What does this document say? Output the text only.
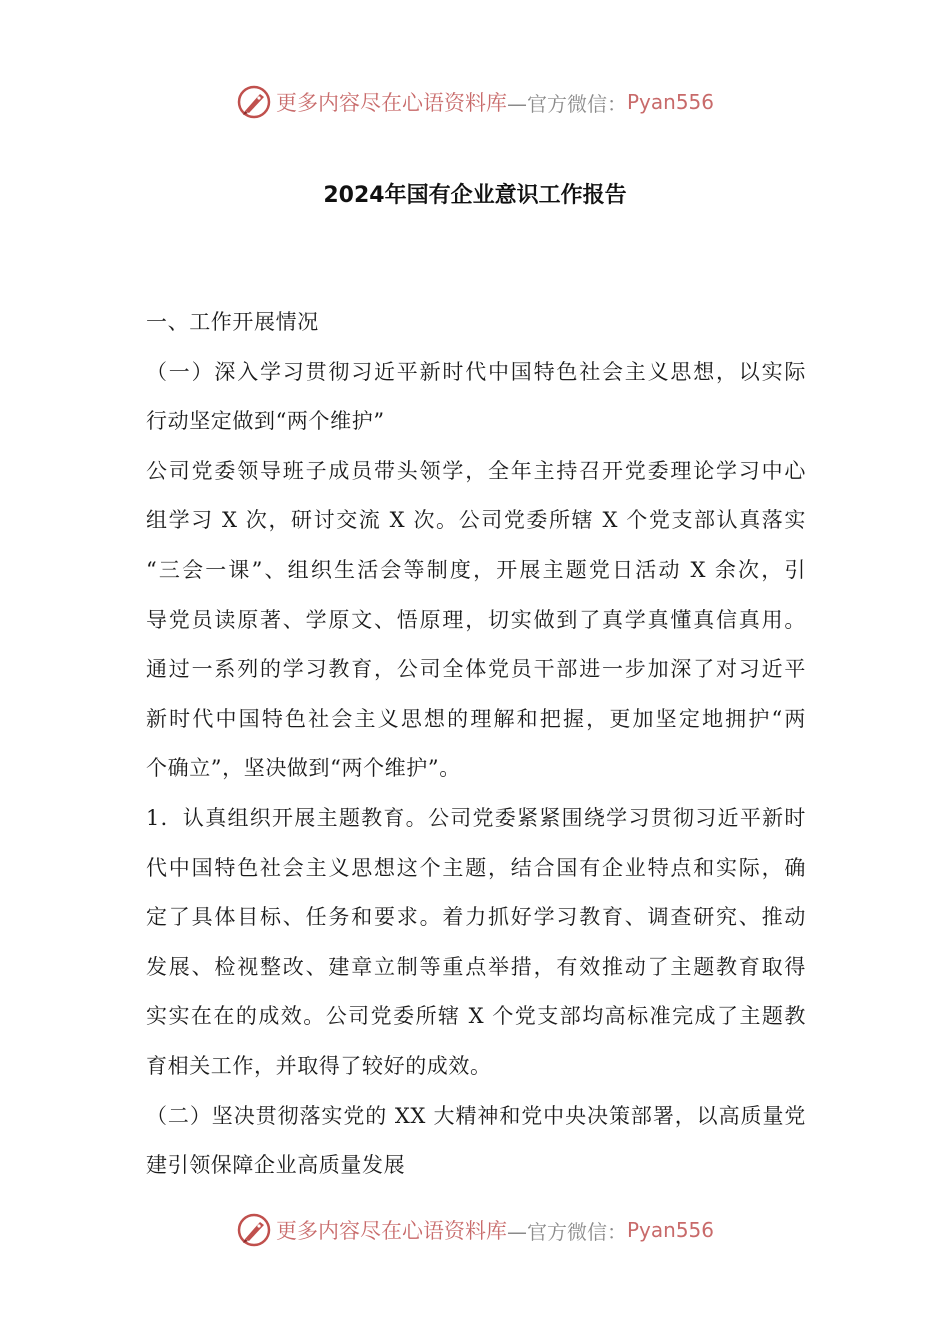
更多内容尽在心语资料库 —官方微信： Pyan556
2024年国有企业意识工作报告
一、工作开展情况
（一）深入学习贯彻习近平新时代中国特色社会主义思想，以实际
行动坚定做到“两个维护”
公司党委领导班子成员带头领学，全年主持召开党委理论学习中心
组学习 X 次，研讨交流 X 次。公司党委所辖 X 个党支部认真落实
“三会一课”、组织生活会等制度，开展主题党日活动 X 余次，引
导党员读原著、学原文、悟原理，切实做到了真学真懂真信真用。
通过一系列的学习教育，公司全体党员干部进一步加深了对习近平
新时代中国特色社会主义思想的理解和把握，更加坚定地拥护“两
个确立”，坚决做到“两个维护”。
1．认真组织开展主题教育。公司党委紧紧围绕学习贯彻习近平新时
代中国特色社会主义思想这个主题，结合国有企业特点和实际，确
定了具体目标、任务和要求。着力抓好学习教育、调查研究、推动
发展、检视整改、建章立制等重点举措，有效推动了主题教育取得
实实在在的成效。公司党委所辖 X 个党支部均高标准完成了主题教
育相关工作，并取得了较好的成效。
（二）坚决贯彻落实党的 XX 大精神和党中央决策部署，以高质量党
建引领保障企业高质量发展
更多内容尽在心语资料库 —官方微信： Pyan556
